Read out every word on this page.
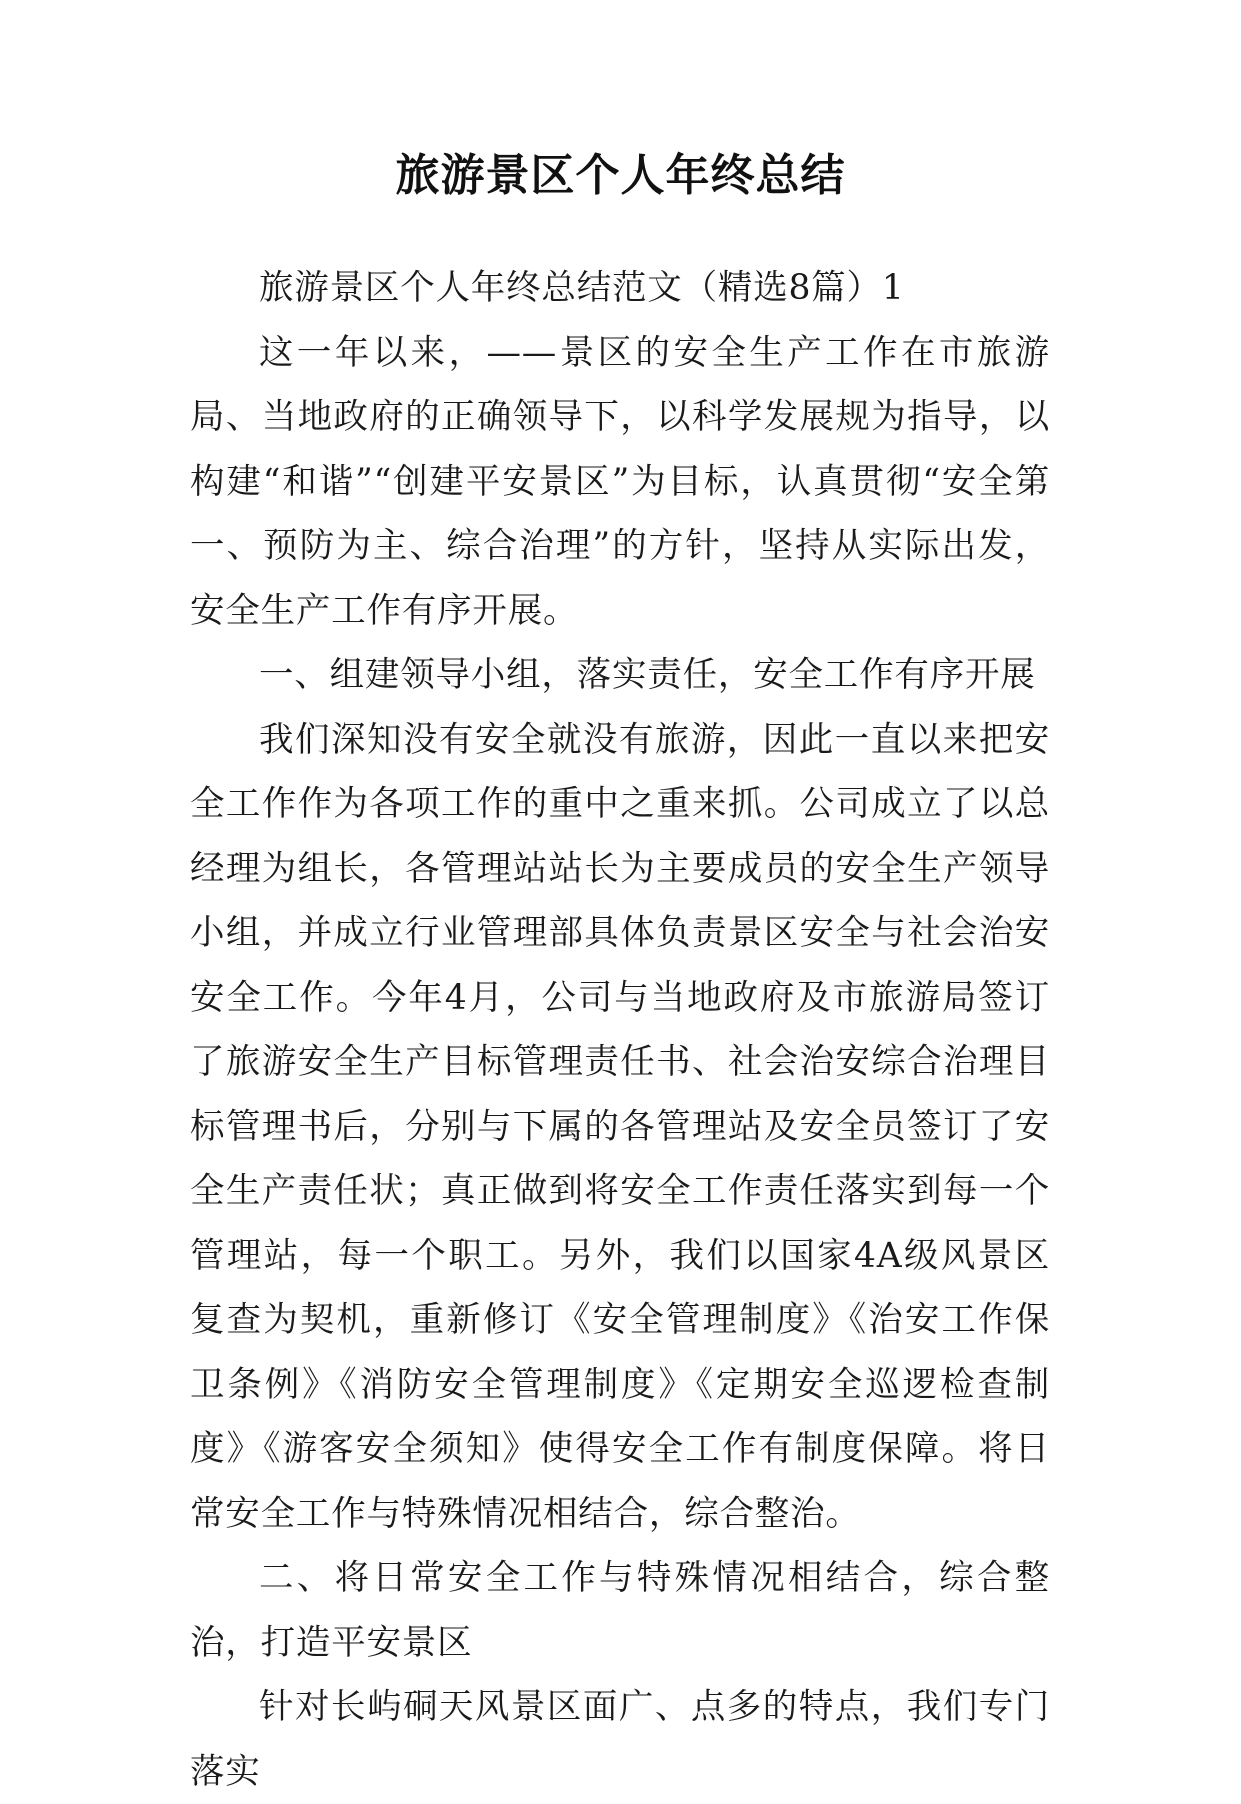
旅游景区个人年终总结

旅游景区个人年终总结范文（精选8篇）1

这一年以来，——景区的安全生产工作在市旅游局、当地政府的正确领导下，以科学发展规为指导，以构建“和谐”“创建平安景区”为目标，认真贯彻“安全第一、预防为主、综合治理”的方针，坚持从实际出发，安全生产工作有序开展。

一、组建领导小组，落实责任，安全工作有序开展

我们深知没有安全就没有旅游，因此一直以来把安全工作作为各项工作的重中之重来抓。公司成立了以总经理为组长，各管理站站长为主要成员的安全生产领导小组，并成立行业管理部具体负责景区安全与社会治安安全工作。今年4月，公司与当地政府及市旅游局签订了旅游安全生产目标管理责任书、社会治安综合治理目标管理书后，分别与下属的各管理站及安全员签订了安全生产责任状；真正做到将安全工作责任落实到每一个管理站，每一个职工。另外，我们以国家4A级风景区复查为契机，重新修订《安全管理制度》《治安工作保卫条例》《消防安全管理制度》《定期安全巡逻检查制度》《游客安全须知》使得安全工作有制度保障。将日常安全工作与特殊情况相结合，综合整治。

二、将日常安全工作与特殊情况相结合，综合整治，打造平安景区

针对长屿硐天风景区面广、点多的特点，我们专门落实
